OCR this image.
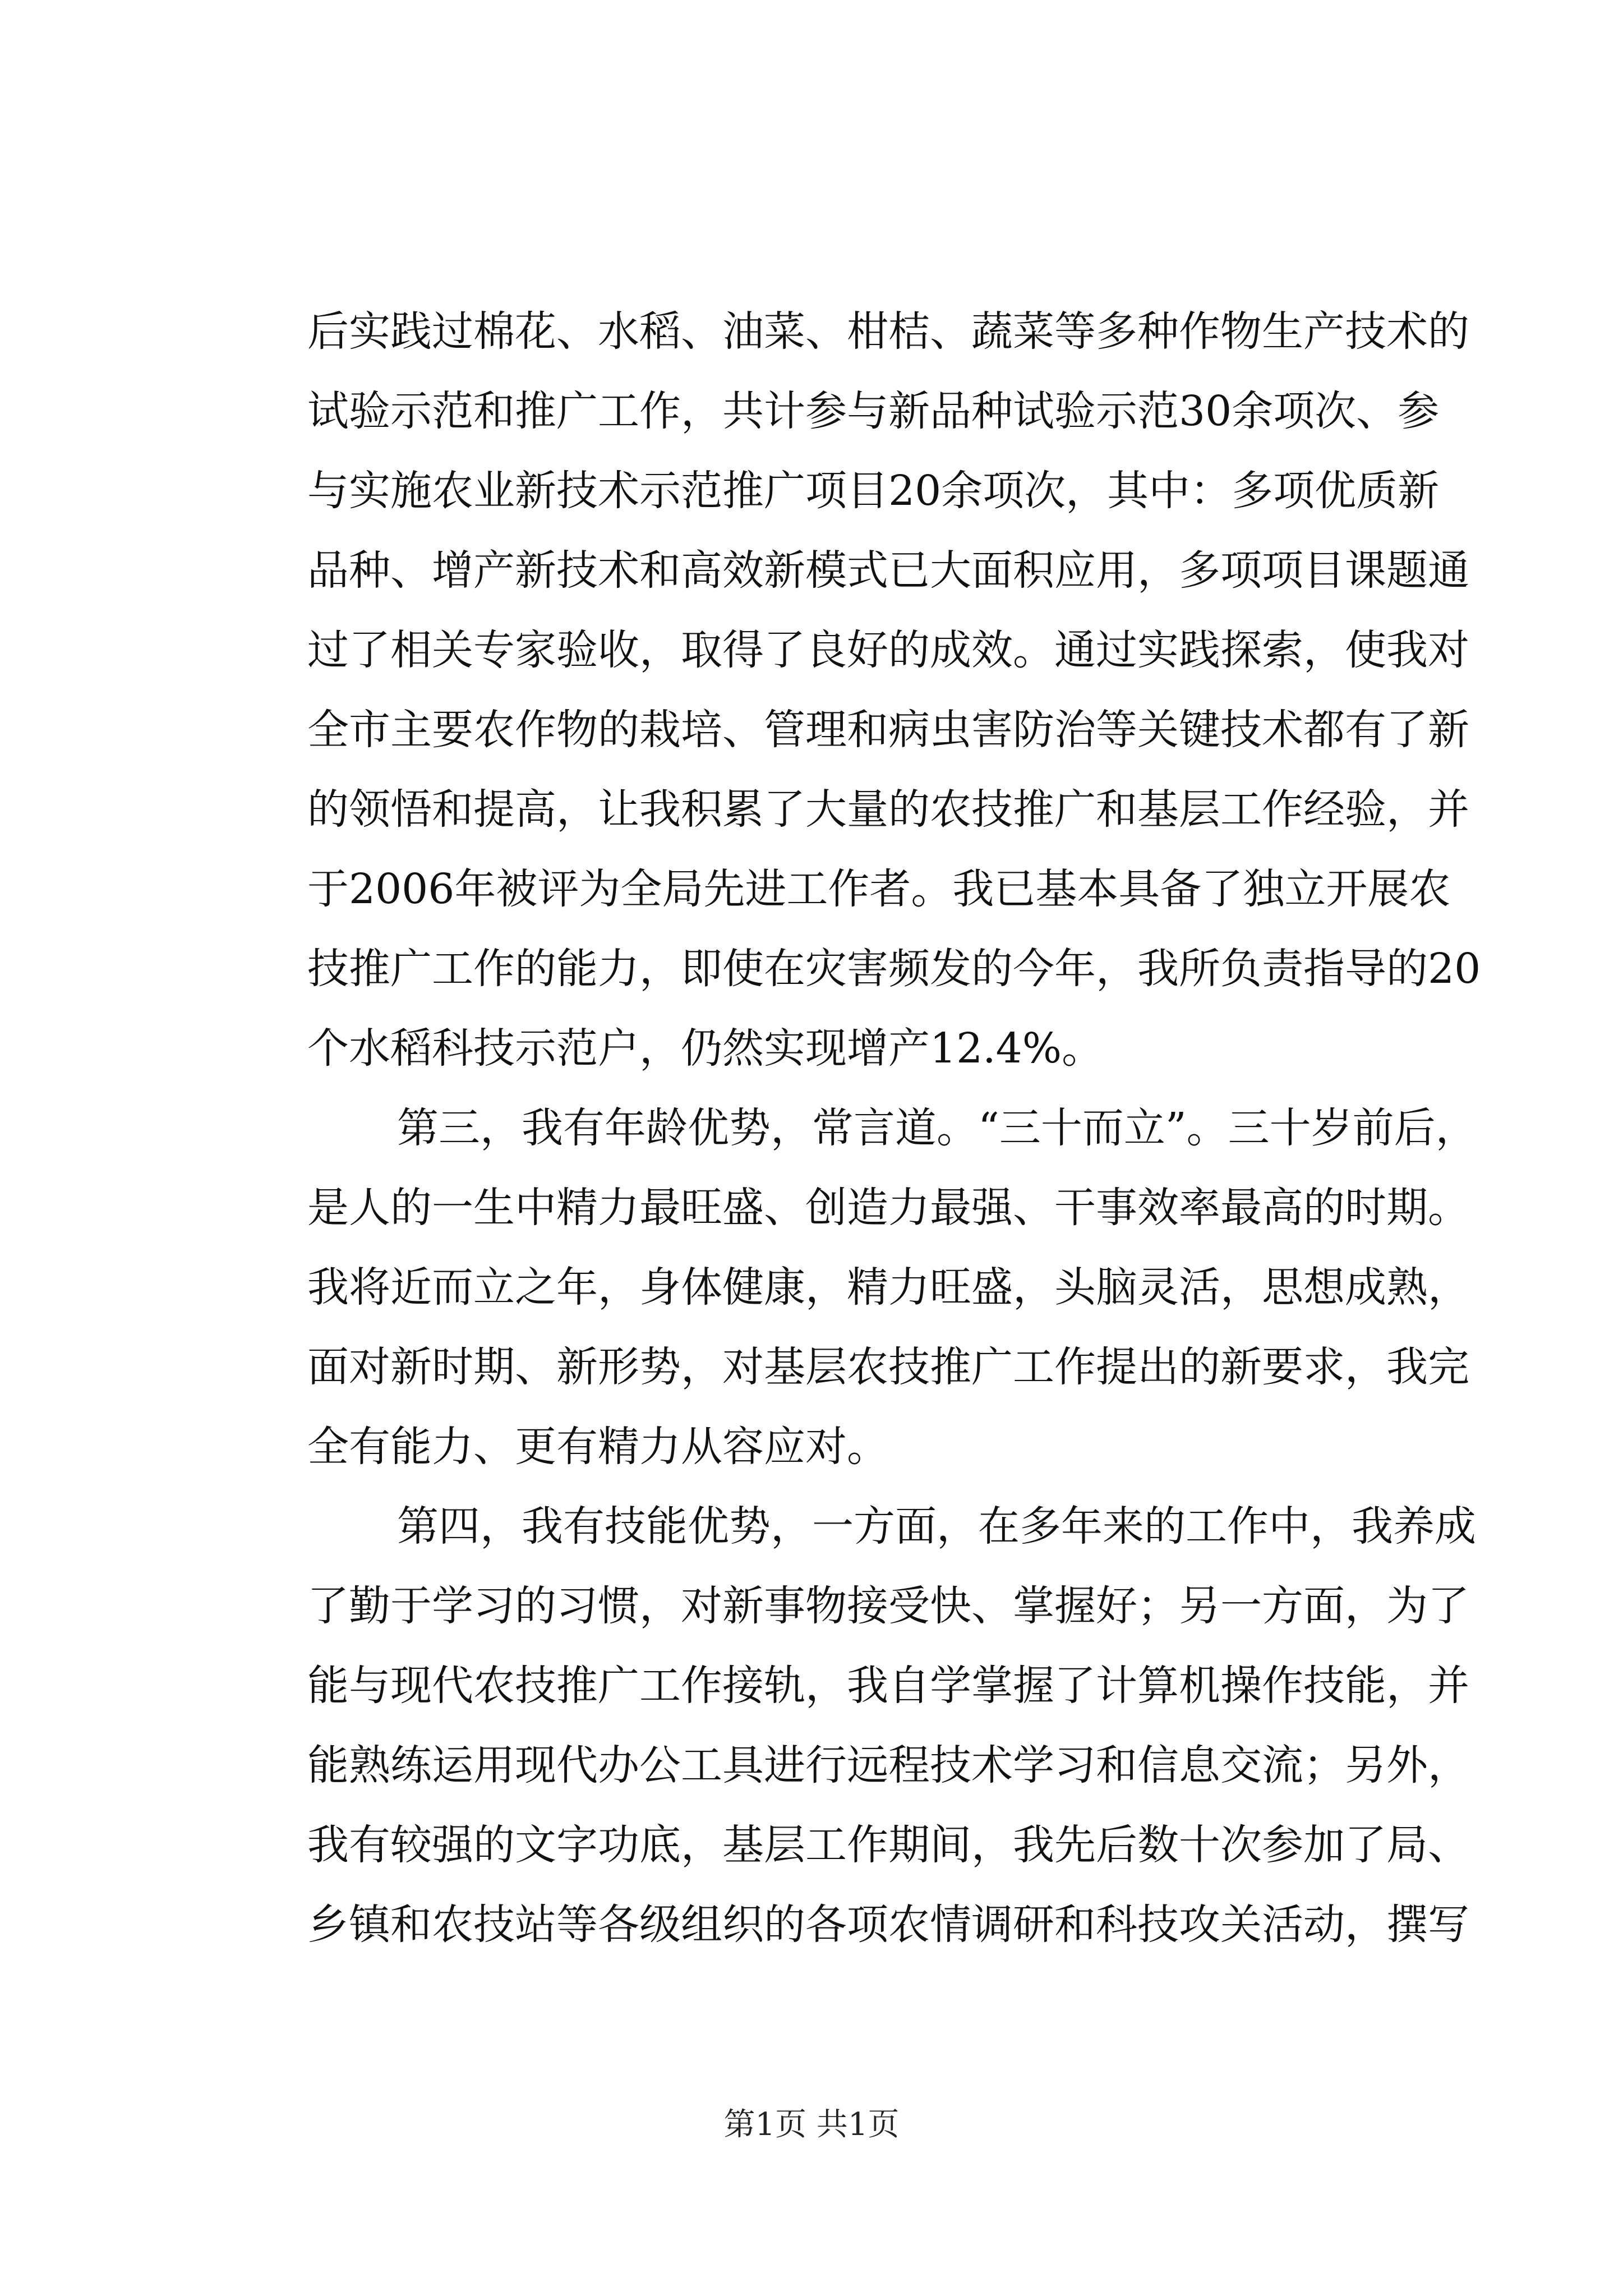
后实践过棉花、水稻、油菜、柑桔、蔬菜等多种作物生产技术的
试验示范和推广工作，共计参与新品种试验示范30余项次、参
与实施农业新技术示范推广项目20余项次，其中：多项优质新
品种、增产新技术和高效新模式已大面积应用，多项项目课题通
过了相关专家验收，取得了良好的成效。通过实践探索，使我对
全市主要农作物的栽培、管理和病虫害防治等关键技术都有了新
的领悟和提高，让我积累了大量的农技推广和基层工作经验，并
于2006年被评为全局先进工作者。我已基本具备了独立开展农
技推广工作的能力，即使在灾害频发的今年，我所负责指导的20
个水稻科技示范户，仍然实现增产12.4%。
第三，我有年龄优势，常言道。“三十而立”。三十岁前后，
是人的一生中精力最旺盛、创造力最强、干事效率最高的时期。
我将近而立之年，身体健康，精力旺盛，头脑灵活，思想成熟，
面对新时期、新形势，对基层农技推广工作提出的新要求，我完
全有能力、更有精力从容应对。
第四，我有技能优势，一方面，在多年来的工作中，我养成
了勤于学习的习惯，对新事物接受快、掌握好；另一方面，为了
能与现代农技推广工作接轨，我自学掌握了计算机操作技能，并
能熟练运用现代办公工具进行远程技术学习和信息交流；另外，
我有较强的文字功底，基层工作期间，我先后数十次参加了局、
乡镇和农技站等各级组织的各项农情调研和科技攻关活动，撰写
第1页 共1页
